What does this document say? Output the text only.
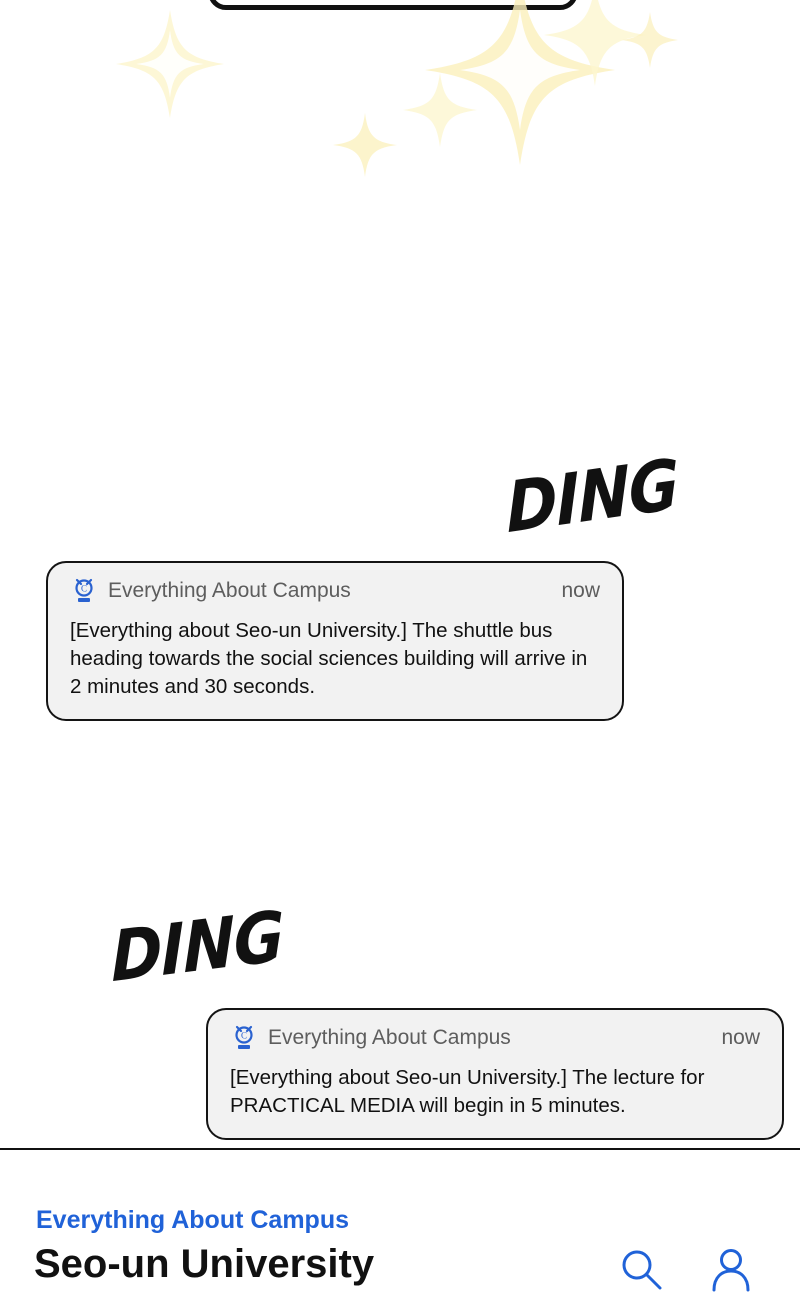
DING
DING
C Everything About Campus	now
[Everything about Seo-un University.] The shuttle bus heading towards the social sciences building will arrive in 2 minutes and 30 seconds.
C Everything About Campus	now
[Everything about Seo-un University.] The lecture for PRACTICAL MEDIA will begin in 5 minutes.
Everything About Campus
Seo-un University
